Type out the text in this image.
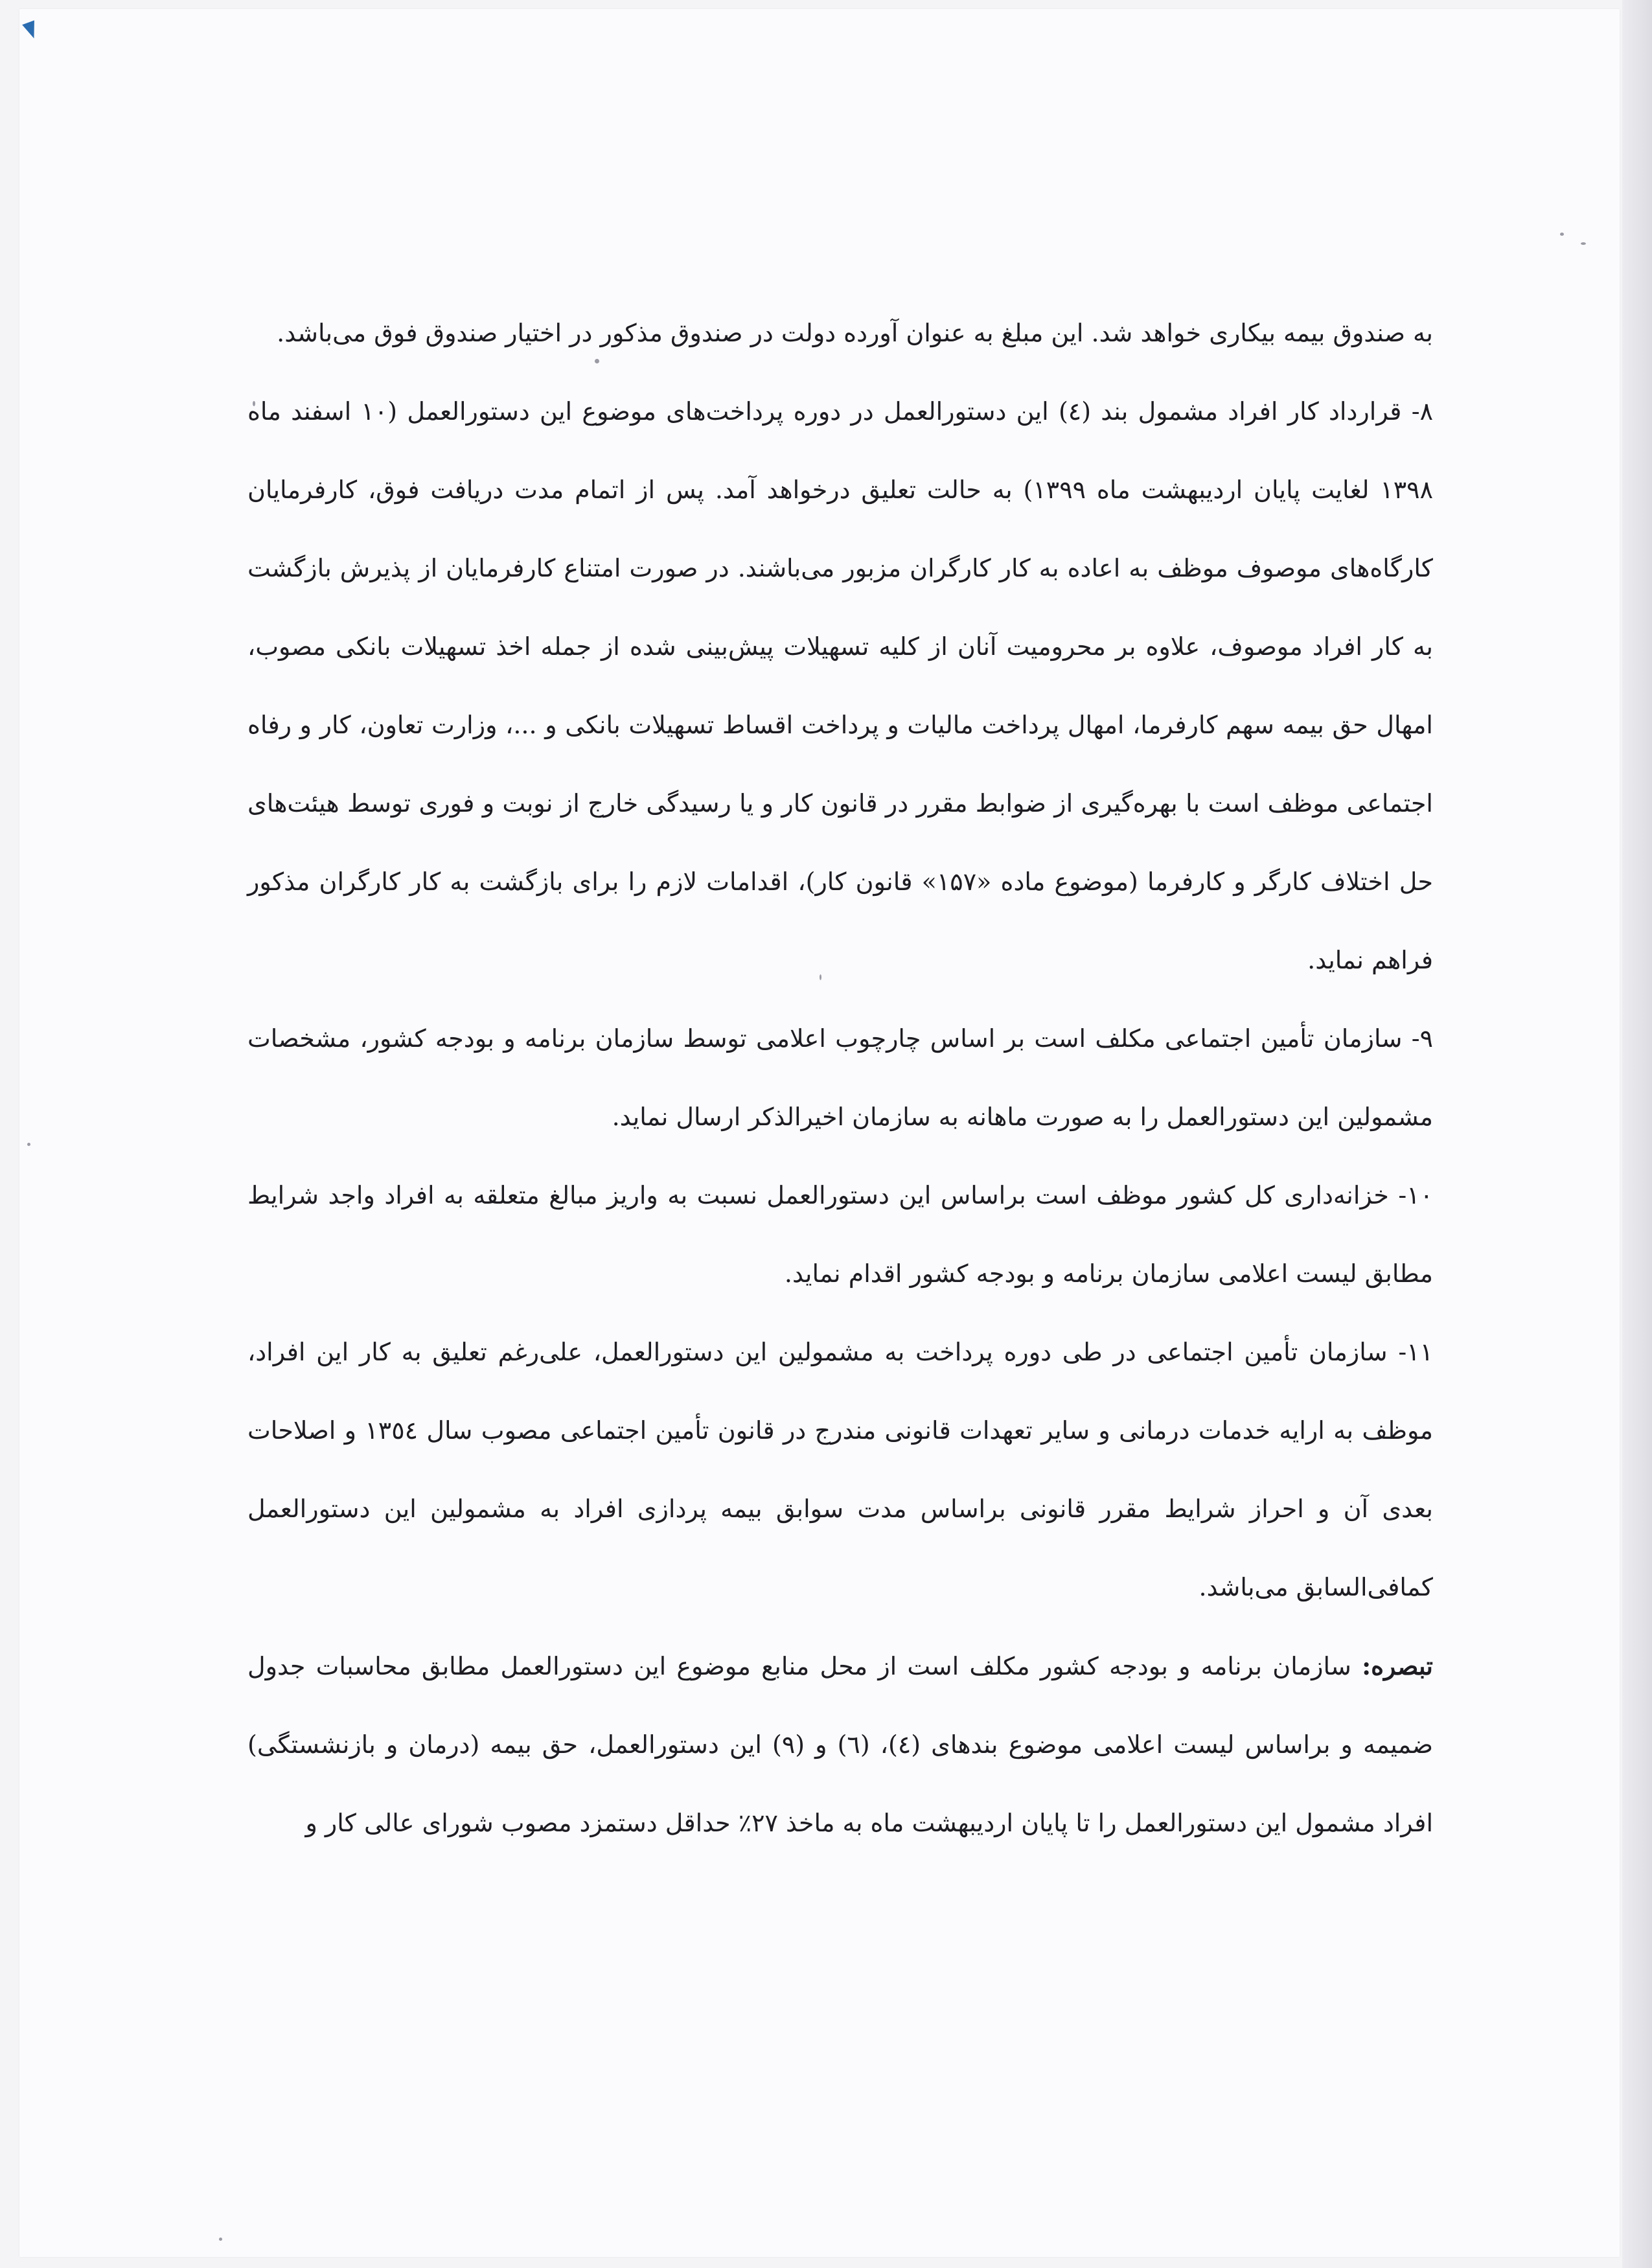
به صندوق بیمه بیکاری خواهد شد. این مبلغ به عنوان آورده دولت در صندوق مذکور در اختیار صندوق فوق می‌باشد.

۸- قرارداد کار افراد مشمول بند (٤) این دستورالعمل در دوره پرداخت‌های موضوع این دستورالعمل (۱۰ اسفند ماه ۱۳۹۸ لغایت پایان اردیبهشت ماه ۱۳۹۹) به حالت تعلیق درخواهد آمد. پس از اتمام مدت دریافت فوق، کارفرمایان کارگاه‌های موصوف موظف به اعاده به کار کارگران مزبور می‌باشند. در صورت امتناع کارفرمایان از پذیرش بازگشت به کار افراد موصوف، علاوه بر محرومیت آنان از کلیه تسهیلات پیش‌بینی شده از جمله اخذ تسهیلات بانکی مصوب، امهال حق بیمه سهم کارفرما، امهال پرداخت مالیات و پرداخت اقساط تسهیلات بانکی و ...، وزارت تعاون، کار و رفاه اجتماعی موظف است با بهره‌گیری از ضوابط مقرر در قانون کار و یا رسیدگی خارج از نوبت و فوری توسط هیئت‌های حل اختلاف کارگر و کارفرما (موضوع ماده «۱۵۷» قانون کار)، اقدامات لازم را برای بازگشت به کار کارگران مذکور فراهم نماید.

۹- سازمان تأمین اجتماعی مکلف است بر اساس چارچوب اعلامی توسط سازمان برنامه و بودجه کشور، مشخصات مشمولین این دستورالعمل را به صورت ماهانه به سازمان اخیرالذکر ارسال نماید.

۱۰- خزانه‌داری کل کشور موظف است براساس این دستورالعمل نسبت به واریز مبالغ متعلقه به افراد واجد شرایط مطابق لیست اعلامی سازمان برنامه و بودجه کشور اقدام نماید.

۱۱- سازمان تأمین اجتماعی در طی دوره پرداخت به مشمولین این دستورالعمل، علی‌رغم تعلیق به کار این افراد، موظف به ارایه خدمات درمانی و سایر تعهدات قانونی مندرج در قانون تأمین اجتماعی مصوب سال ۱۳٥٤ و اصلاحات بعدی آن و احراز شرایط مقرر قانونی براساس مدت سوابق بیمه پردازی افراد به مشمولین این دستورالعمل کمافی‌السابق می‌باشد.

تبصره: سازمان برنامه و بودجه کشور مکلف است از محل منابع موضوع این دستورالعمل مطابق محاسبات جدول ضمیمه و براساس لیست اعلامی موضوع بندهای (٤)، (٦) و (۹) این دستورالعمل، حق بیمه (درمان و بازنشستگی) افراد مشمول این دستورالعمل را تا پایان اردیبهشت ماه به ماخذ ۲۷٪ حداقل دستمزد مصوب شورای عالی کار و
